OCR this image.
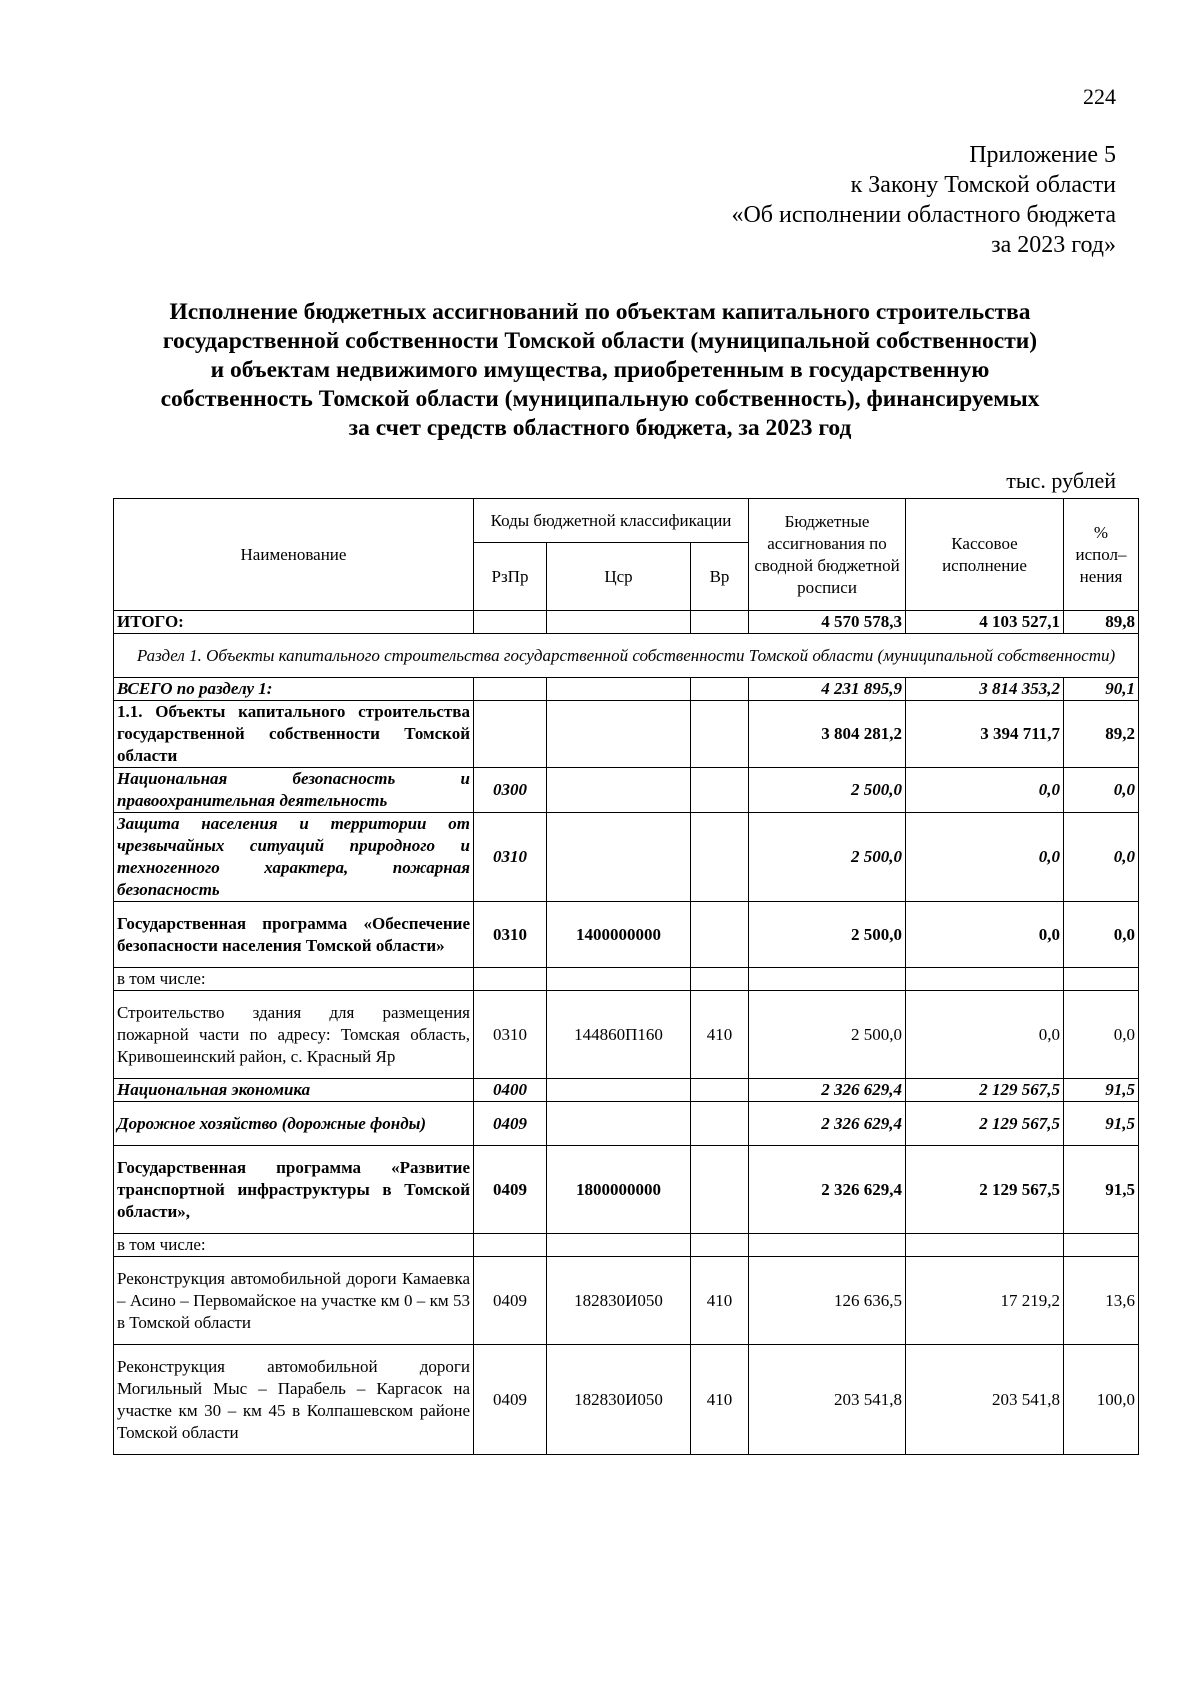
224
Приложение 5
к Закону Томской области
«Об исполнении областного бюджета
за 2023 год»
Исполнение бюджетных ассигнований по объектам капитального строительства
государственной собственности Томской области (муниципальной собственности)
и объектам недвижимого имущества, приобретенным в государственную
собственность Томской области (муниципальную собственность), финансируемых
за счет средств областного бюджета, за 2023 год
тыс. рублей
Наименование	Коды бюджетной классификации			Бюджетные ассигнования по сводной бюджетной росписи	Кассовое исполнение	% испол–нения
	РзПр	Цср	Вр			
ИТОГО:				4 570 578,3	4 103 527,1	89,8
Раздел 1. Объекты капитального строительства государственной собственности Томской области (муниципальной собственности)						
ВСЕГО по разделу 1:				4 231 895,9	3 814 353,2	90,1
1.1. Объекты капитального строительства государственной собственности Томской области				3 804 281,2	3 394 711,7	89,2
Национальная безопасность и правоохранительная деятельность	0300			2 500,0	0,0	0,0
Защита населения и территории от чрезвычайных ситуаций природного и техногенного характера, пожарная безопасность	0310			2 500,0	0,0	0,0
Государственная программа «Обеспечение безопасности населения Томской области»	0310	1400000000		2 500,0	0,0	0,0
в том числе:						
Строительство здания для размещения пожарной части по адресу: Томская область, Кривошеинский район, с. Красный Яр	0310	144860П160	410	2 500,0	0,0	0,0
Национальная экономика	0400			2 326 629,4	2 129 567,5	91,5
Дорожное хозяйство (дорожные фонды)	0409			2 326 629,4	2 129 567,5	91,5
Государственная программа «Развитие транспортной инфраструктуры в Томской области»,	0409	1800000000		2 326 629,4	2 129 567,5	91,5
в том числе:						
Реконструкция автомобильной дороги Камаевка – Асино – Первомайское на участке км 0 – км 53 в Томской области	0409	182830И050	410	126 636,5	17 219,2	13,6
Реконструкция автомобильной дороги Могильный Мыс – Парабель – Каргасок на участке км 30 – км 45 в Колпашевском районе Томской области	0409	182830И050	410	203 541,8	203 541,8	100,0
